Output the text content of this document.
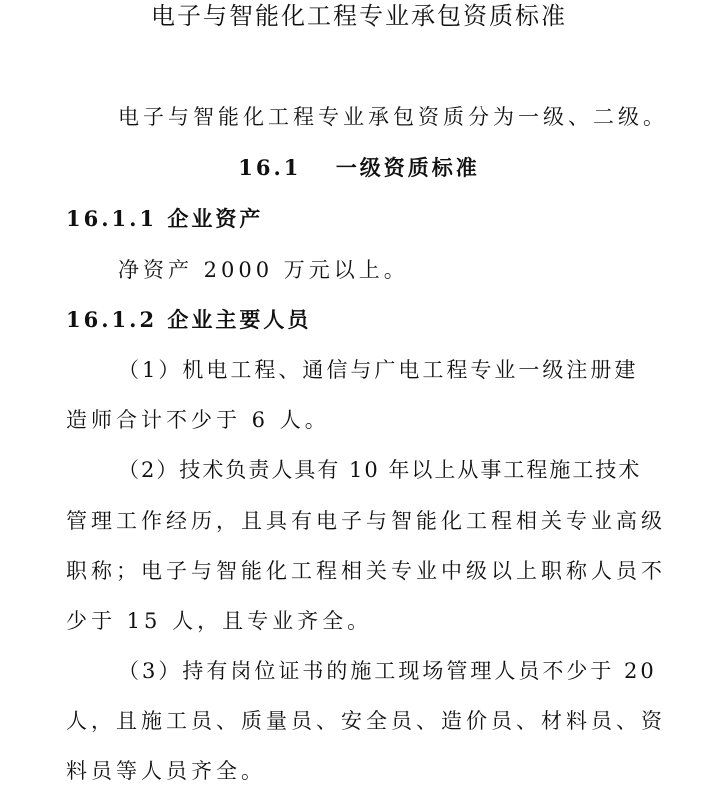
电子与智能化工程专业承包资质标准
电子与智能化工程专业承包资质分为一级、二级。
16.1　 一级资质标准
16.1.1 企业资产
净资产 2000 万元以上。
16.1.2 企业主要人员
（1）机电工程、通信与广电工程专业一级注册建
造师合计不少于 6 人。
（2）技术负责人具有 10 年以上从事工程施工技术
管理工作经历，且具有电子与智能化工程相关专业高级
职称；电子与智能化工程相关专业中级以上职称人员不
少于 15 人，且专业齐全。
（3）持有岗位证书的施工现场管理人员不少于 20
人，且施工员、质量员、安全员、造价员、材料员、资
料员等人员齐全。
